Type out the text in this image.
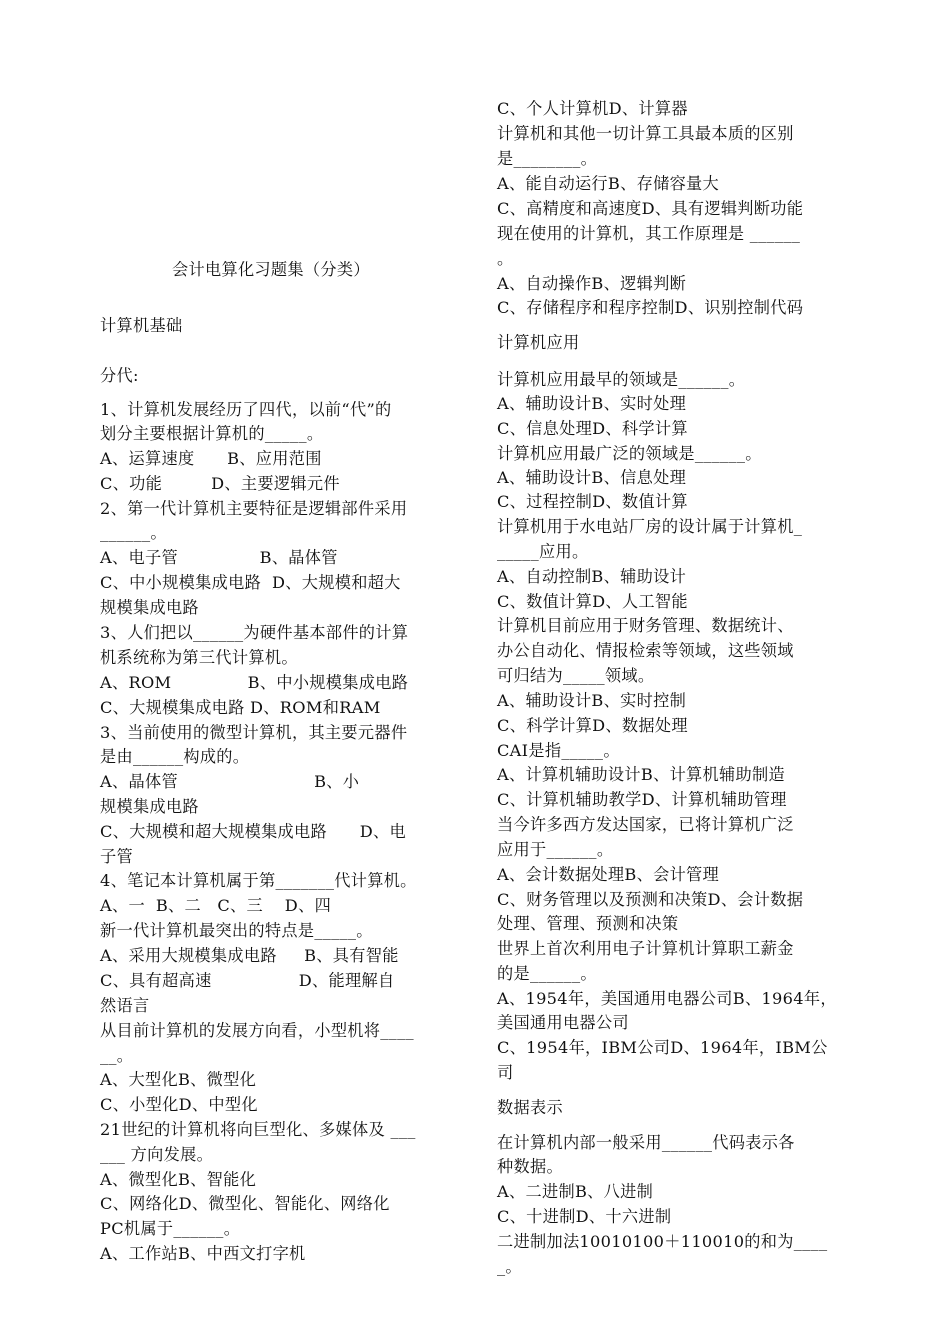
会计电算化习题集（分类）
计算机基础
分代:
1、计算机发展经历了四代，以前“代”的
划分主要根据计算机的_____。
A、运算速度      B、应用范围
C、功能         D、主要逻辑元件
2、第一代计算机主要特征是逻辑部件采用
______。
A、电子管               B、晶体管
C、中小规模集成电路  D、大规模和超大
规模集成电路
3、人们把以______为硬件基本部件的计算
机系统称为第三代计算机。
A、ROM              B、中小规模集成电路
C、大规模集成电路 D、ROM和RAM
3、当前使用的微型计算机，其主要元器件
是由______构成的。
A、晶体管                         B、小
规模集成电路
C、大规模和超大规模集成电路      D、电
子管
4、笔记本计算机属于第_______代计算机。
A、一  B、二   C、三    D、四
新一代计算机最突出的特点是_____。
A、采用大规模集成电路     B、具有智能
C、具有超高速                D、能理解自
然语言
从目前计算机的发展方向看，小型机将____
__。
A、大型化B、微型化
C、小型化D、中型化
21世纪的计算机将向巨型化、多媒体及 ___
___ 方向发展。
A、微型化B、智能化
C、网络化D、微型化、智能化、网络化
PC机属于______。
A、工作站B、中西文打字机
C、个人计算机D、计算器
计算机和其他一切计算工具最本质的区别
是________。
A、能自动运行B、存储容量大
C、高精度和高速度D、具有逻辑判断功能
现在使用的计算机，其工作原理是 ______
。
A、自动操作B、逻辑判断
C、存储程序和程序控制D、识别控制代码
计算机应用
计算机应用最早的领域是______。
A、辅助设计B、实时处理
C、信息处理D、科学计算
计算机应用最广泛的领域是______。
A、辅助设计B、信息处理
C、过程控制D、数值计算
计算机用于水电站厂房的设计属于计算机_
_____应用。
A、自动控制B、辅助设计
C、数值计算D、人工智能
计算机目前应用于财务管理、数据统计、
办公自动化、情报检索等领域，这些领域
可归结为_____领域。
A、辅助设计B、实时控制
C、科学计算D、数据处理
CAI是指_____。
A、计算机辅助设计B、计算机辅助制造
C、计算机辅助教学D、计算机辅助管理
当今许多西方发达国家，已将计算机广泛
应用于______。
A、会计数据处理B、会计管理
C、财务管理以及预测和决策D、会计数据
处理、管理、预测和决策
世界上首次利用电子计算机计算职工薪金
的是______。
A、1954年，美国通用电器公司B、1964年，
美国通用电器公司
C、1954年，IBM公司D、1964年，IBM公
司
数据表示
在计算机内部一般采用______代码表示各
种数据。
A、二进制B、八进制
C、十进制D、十六进制
二进制加法10010100＋110010的和为____
_。
